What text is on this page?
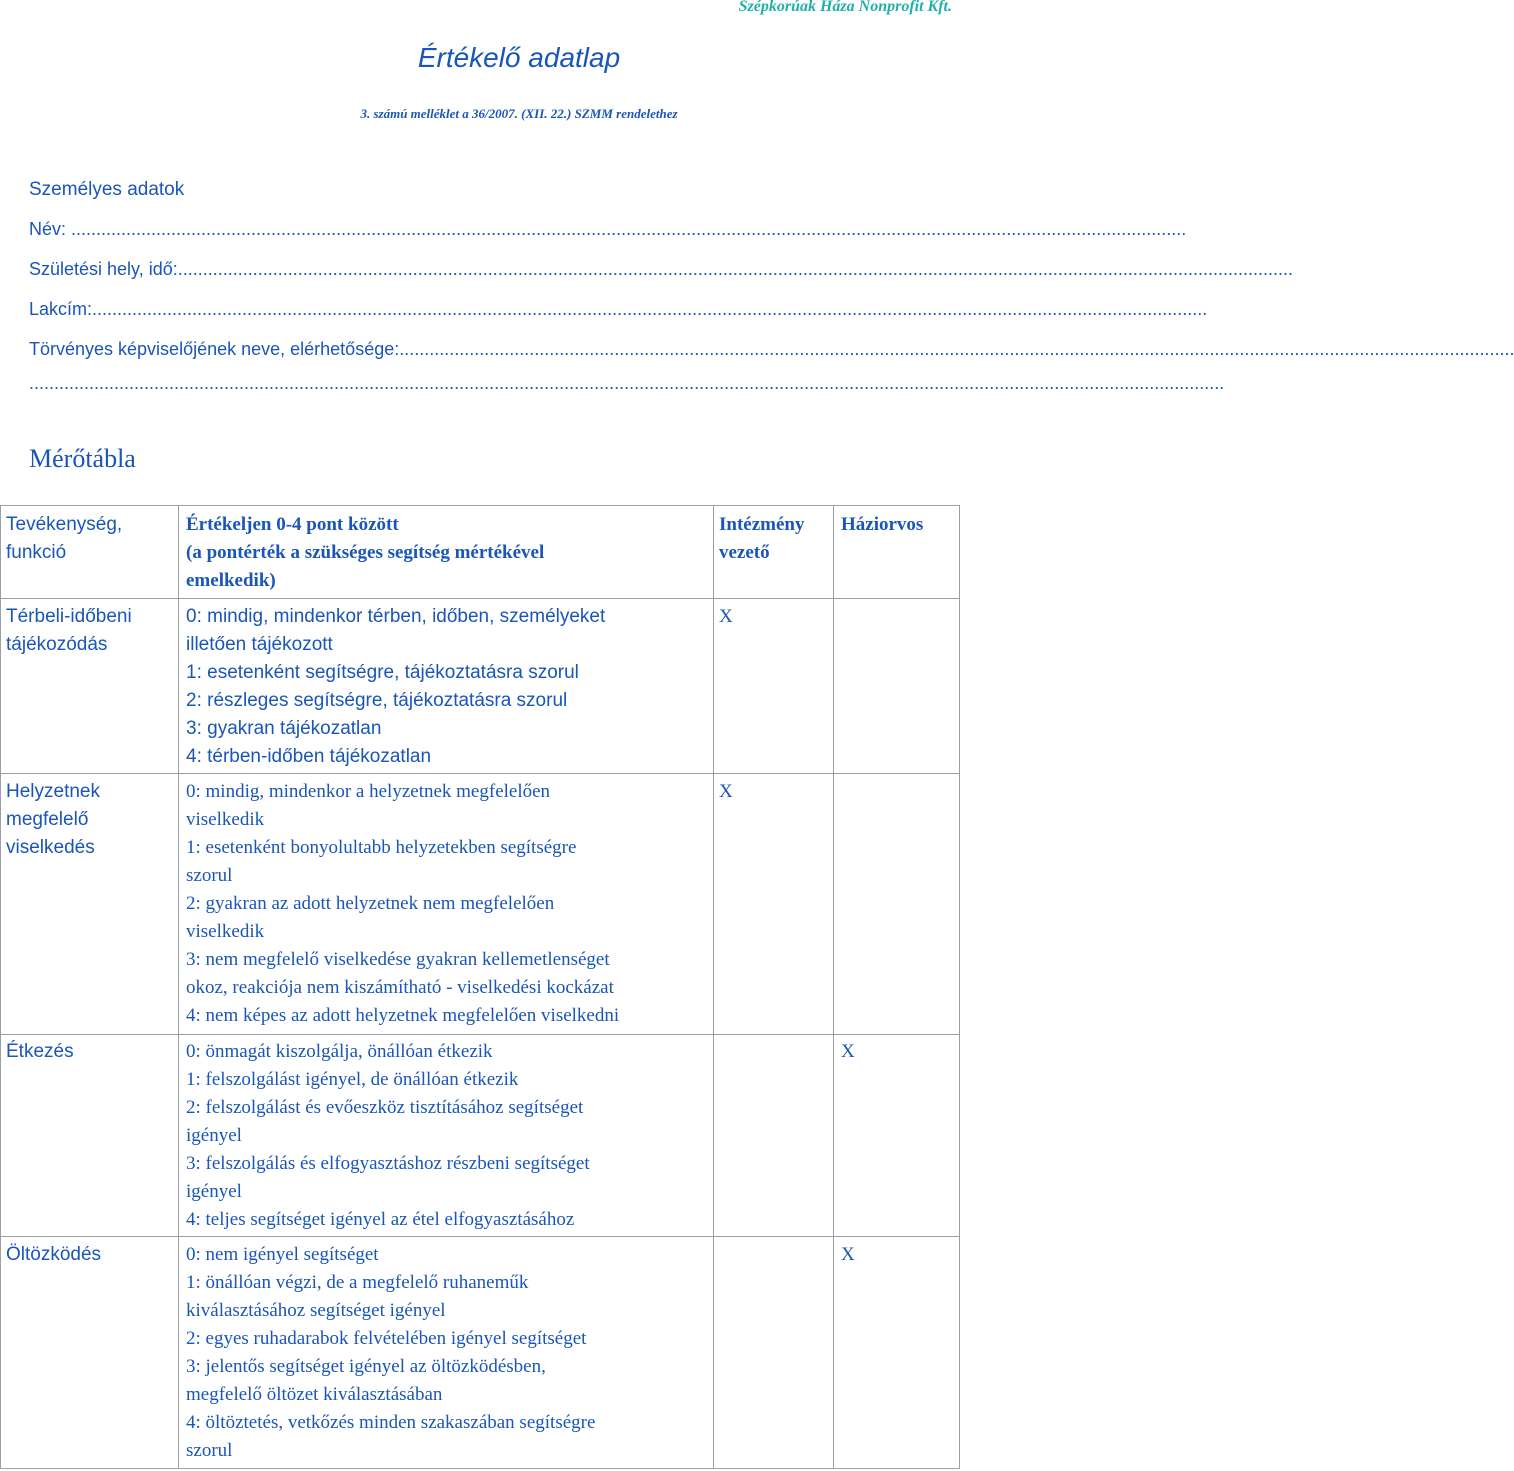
Szépkorúak Háza Nonprofit Kft.
Értékelő adatlap
3. számú melléklet a 36/2007. (XII. 22.) SZMM rendelethez
Személyes adatok
Név: ...............................................................................................................................................................................................................................
Születési hely, idő:...............................................................................................................................................................................................................................
Lakcím:...............................................................................................................................................................................................................................
Törvényes képviselőjének neve, elérhetősége:...............................................................................................................................................................................................................................
...............................................................................................................................................................................................................................................
Mérőtábla
Tevékenység,
funkció
Értékeljen 0-4 pont között
(a pontérték a szükséges segítség mértékével
emelkedik)
Intézmény
vezető
Háziorvos
Térbeli-időbeni
tájékozódás
0: mindig, mindenkor térben, időben, személyeket
illetően tájékozott
1: esetenként segítségre, tájékoztatásra szorul
2: részleges segítségre, tájékoztatásra szorul
3: gyakran tájékozatlan
4: térben-időben tájékozatlan
X
Helyzetnek
megfelelő
viselkedés
0: mindig, mindenkor a helyzetnek megfelelően
viselkedik
1: esetenként bonyolultabb helyzetekben segítségre
szorul
2: gyakran az adott helyzetnek nem megfelelően
viselkedik
3: nem megfelelő viselkedése gyakran kellemetlenséget
okoz, reakciója nem kiszámítható - viselkedési kockázat
4: nem képes az adott helyzetnek megfelelően viselkedni
X
Étkezés	0: önmagát kiszolgálja, önállóan étkezik
1: felszolgálást igényel, de önállóan étkezik
2: felszolgálást és evőeszköz tisztításához segítséget
igényel
3: felszolgálás és elfogyasztáshoz részbeni segítséget
igényel
4: teljes segítséget igényel az étel elfogyasztásához
X
Öltözködés	0: nem igényel segítséget
1: önállóan végzi, de a megfelelő ruhaneműk
kiválasztásához segítséget igényel
2: egyes ruhadarabok felvételében igényel segítséget
3: jelentős segítséget igényel az öltözködésben,
megfelelő öltözet kiválasztásában
4: öltöztetés, vetkőzés minden szakaszában segítségre
szorul
X
